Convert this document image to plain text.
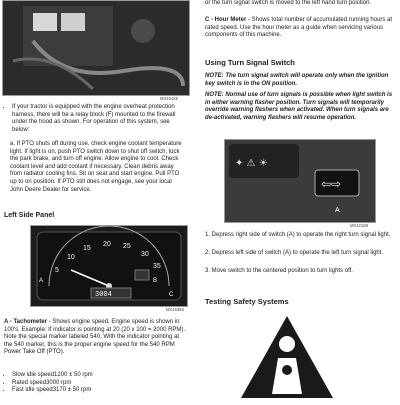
MX45425
• If your tractor is equipped with the engine overheat protection harness, there will be a relay block (F) mounted to the firewall under the hood as shown. For operation of this system, see below:
a. If PTO shuts off during use, check engine coolant temperature light. If light is on, push PTO switch down to shut off switch, lock the park brake, and turn off engine. Allow engine to cool. Check coolant level and add coolant if necessary. Clean debris away from radiator cooling fins. Sit on seat and start engine. Pull PTO up to on position. If PTO still does not engage, see your local John Deere Dealer for service.
Left Side Panel
5
10
15
20 25
30
35
3004
A	B
C
MX15484
A - Tachometer - Shows engine speed. Engine speed is shown in 100's. Example: If indicator is pointing at 20 (20 x 100 = 2000 RPM). Note the special marker labeled 540. With the indicator pointing at the 540 marker, this is the proper engine speed for the 540 RPM Power Take Off (PTO).
• Slow idle speed1200 ± 50 rpm
• Rated speed3000 rpm
• Fast idle speed3170 ± 50 rpm
or the turn signal switch is moved to the left hand turn position.
C - Hour Meter - Shows total number of accumulated running hours at rated speed. Use the hour meter as a guide when servicing various components of this machine.
Using Turn Signal Switch
NOTE: The turn signal switch will operate only when the ignition key switch is in the ON position.
NOTE: Normal use of turn signals is possible when light switch is in either warning flasher position. Turn signals will temporarily override warning flashers when activated. When turn signals are de-activated, warning flashers will resume operation.
✦ ⚠ ☀
⇦⇨
A
MX12198
1. Depress right side of switch (A) to operate the right turn signal light.
2. Depress left side of switch (A) to operate the left turn signal light.
3. Move switch to the centered position to turn lights off.
Testing Safety Systems
